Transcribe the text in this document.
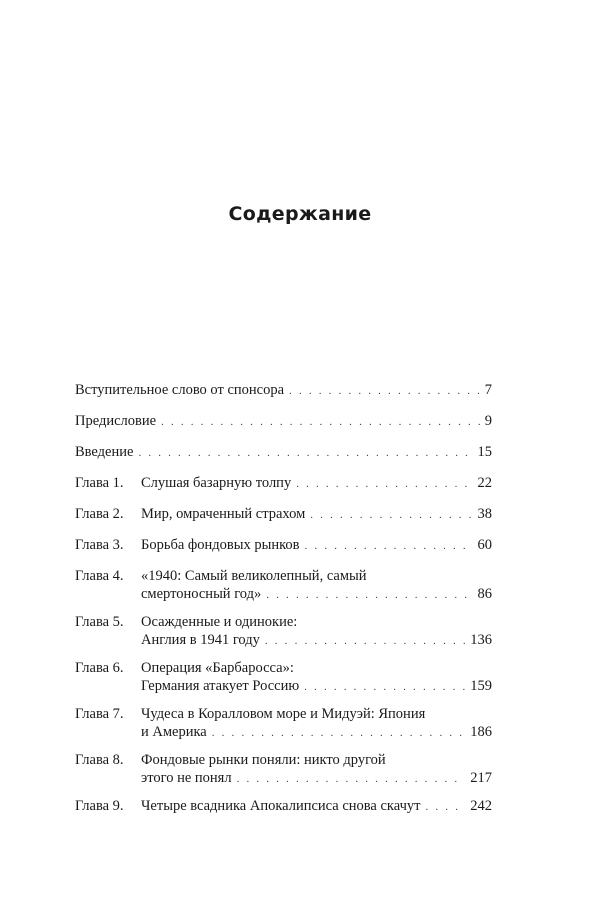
Содержание
Вступительное слово от спонсора . . .	7
Предисловие . . .	9
Введение . . .	15
Глава 1.	Слушая базарную толпу . . .	22
Глава 2.	Мир, омраченный страхом . . .	38
Глава 3.	Борьба фондовых рынков . . .	60
Глава 4.	«1940: Самый великолепный, самый
смертоносный год» . . .	86
Глава 5.	Осажденные и одинокие:
Англия в 1941 году . . .	136
Глава 6.	Операция «Барбаросса»:
Германия атакует Россию . . .	159
Глава 7.	Чудеса в Коралловом море и Мидуэй: Япония
и Америка . . .	186
Глава 8.	Фондовые рынки поняли: никто другой
этого не понял . . .	217
Глава 9.	Четыре всадника Апокалипсиса снова скачут . . .	242
